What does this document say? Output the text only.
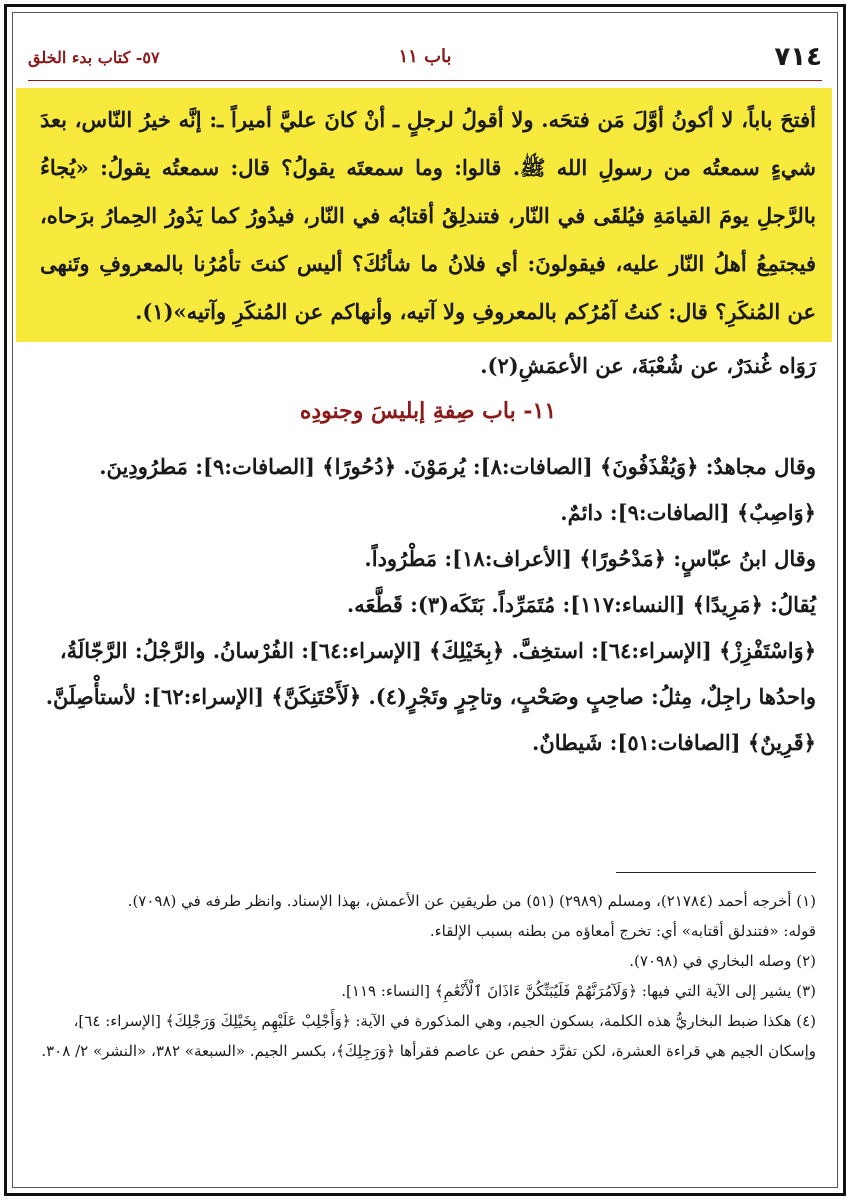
٧١٤
باب ١١
٥٧- كتاب بدء الخلق
أفتحَ باباً، لا أكونُ أوَّلَ مَن فتحَه. ولا أقولُ لرجلٍ ـ أنْ كانَ عليَّ أميراً ـ: إنَّه خيرُ النّاس، بعدَ شيءٍ سمعتُه من رسولِ الله ﷺ. قالوا: وما سمعتَه يقولُ؟ قال: سمعتُه يقولُ: «يُجاءُ بالرَّجلِ يومَ القيامَةِ فيُلقَى في النّار، فتندلِقُ أقتابُه في النّار، فيدُورُ كما يَدُورُ الحِمارُ برَحاه، فيجتمِعُ أهلُ النّار عليه، فيقولونَ: أي فلانُ ما شأنُكَ؟ أليس كنتَ تأمُرُنا بالمعروفِ وتَنهى عن المُنكَرِ؟ قال: كنتُ آمُرُكم بالمعروفِ ولا آتيه، وأنهاكم عن المُنكَرِ وآتيه»(١).
رَوَاه غُندَرٌ، عن شُعْبَةَ، عن الأعمَشِ(٢).
١١- باب صِفةِ إبليسَ وجنودِه

وقال مجاهدٌ: ﴿وَيُقْذَفُونَ﴾ [الصافات:٨]: يُرمَوْنَ. ﴿دُحُورًا﴾ [الصافات:٩]: مَطرُودِينَ.

﴿وَاصِبٌ﴾ [الصافات:٩]: دائمٌ.

وقال ابنُ عبّاسٍ: ﴿مَدْحُورًا﴾ [الأعراف:١٨]: مَطْرُوداً.

يُقالُ: ﴿مَرِيدًا﴾ [النساء:١١٧]: مُتَمَرِّداً. بَتَكَه(٣): قَطَّعَه.

﴿وَاسْتَفْزِزْ﴾ [الإسراء:٦٤]: استخِفَّ. ﴿بِخَيْلِكَ﴾ [الإسراء:٦٤]: الفُرْسانُ. والرَّجْلُ: الرَّجّالَةُ، واحدُها راجِلٌ، مِثلُ: صاحِبٍ وصَحْبٍ، وتاجِرٍ وتَجْرٍ(٤). ﴿لَأَحْتَنِكَنَّ﴾ [الإسراء:٦٢]: لأستأْصِلَنَّ.

﴿قَرِينٌ﴾ [الصافات:٥١]: شَيطانٌ.

(١) أخرجه أحمد (٢١٧٨٤)، ومسلم (٢٩٨٩) (٥١) من طريقين عن الأعمش، بهذا الإسناد. وانظر طرفه في (٧٠٩٨).

قوله: «فتندلق أقتابه» أي: تخرج أمعاؤه من بطنه بسبب الإلقاء.

(٢) وصله البخاري في (٧٠٩٨).

(٣) يشير إلى الآية التي فيها: ﴿وَلَآمُرَنَّهُمْ فَلَيُبَتِّكُنَّ ءَاذَانَ ٱلْأَنْعَٰمِ﴾ [النساء: ١١٩].

(٤) هكذا ضبط البخاريُّ هذه الكلمة، بسكون الجيم، وهي المذكورة في الآية: ﴿وَأَجْلِبْ عَلَيْهِم بِخَيْلِكَ وَرَجْلِكَ﴾ [الإسراء: ٦٤]، وإسكان الجيم هي قراءة العشرة، لكن تفرَّد حفص عن عاصم فقرأها ﴿وَرَجِلِكَ﴾، بكسر الجيم. «السبعة» ٣٨٢، «النشر» ٢/ ٣٠٨.
